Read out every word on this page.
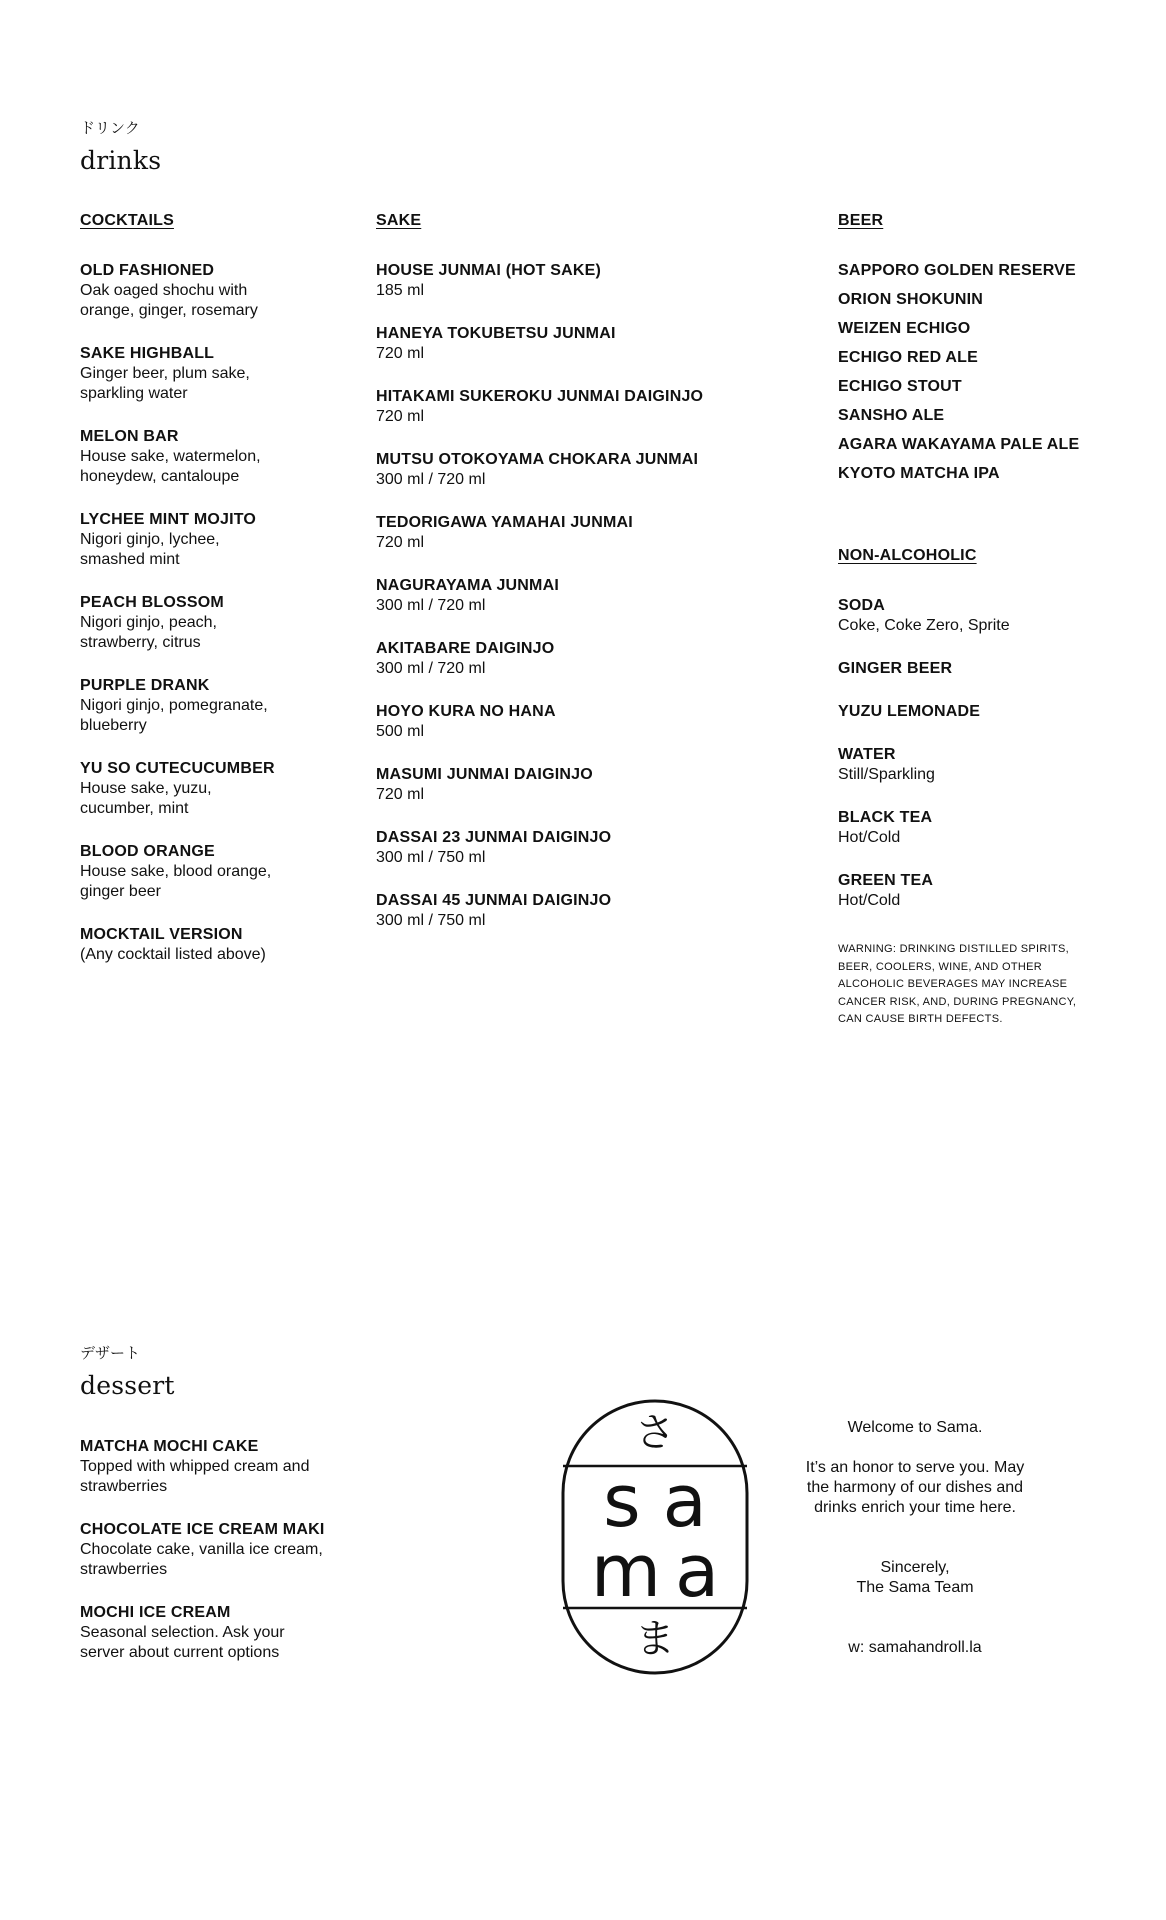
ドリンク
drinks
COCKTAILS
OLD FASHIONED
Oak oaged shochu with
orange, ginger, rosemary
SAKE HIGHBALL
Ginger beer, plum sake,
sparkling water
MELON BAR
House sake, watermelon,
honeydew, cantaloupe
LYCHEE MINT MOJITO
Nigori ginjo, lychee,
smashed mint
PEACH BLOSSOM
Nigori ginjo, peach,
strawberry, citrus
PURPLE DRANK
Nigori ginjo, pomegranate,
blueberry
YU SO CUTECUCUMBER
House sake, yuzu,
cucumber, mint
BLOOD ORANGE
House sake, blood orange,
ginger beer
MOCKTAIL VERSION
(Any cocktail listed above)
SAKE
HOUSE JUNMAI (HOT SAKE)
185 ml
HANEYA TOKUBETSU JUNMAI
720 ml
HITAKAMI SUKEROKU JUNMAI DAIGINJO
720 ml
MUTSU OTOKOYAMA CHOKARA JUNMAI
300 ml / 720 ml
TEDORIGAWA YAMAHAI JUNMAI
720 ml
NAGURAYAMA JUNMAI
300 ml / 720 ml
AKITABARE DAIGINJO
300 ml / 720 ml
HOYO KURA NO HANA
500 ml
MASUMI JUNMAI DAIGINJO
720 ml
DASSAI 23 JUNMAI DAIGINJO
300 ml / 750 ml
DASSAI 45 JUNMAI DAIGINJO
300 ml / 750 ml
BEER
SAPPORO GOLDEN RESERVE
ORION SHOKUNIN
WEIZEN ECHIGO
ECHIGO RED ALE
ECHIGO STOUT
SANSHO ALE
AGARA WAKAYAMA PALE ALE
KYOTO MATCHA IPA
NON-ALCOHOLIC
SODA
Coke, Coke Zero, Sprite
GINGER BEER
YUZU LEMONADE
WATER
Still/Sparkling
BLACK TEA
Hot/Cold
GREEN TEA
Hot/Cold
WARNING: DRINKING DISTILLED SPIRITS,
BEER, COOLERS, WINE, AND OTHER
ALCOHOLIC BEVERAGES MAY INCREASE
CANCER RISK, AND, DURING PREGNANCY,
CAN CAUSE BIRTH DEFECTS.
デザート
dessert
MATCHA MOCHI CAKE
Topped with whipped cream and
strawberries
CHOCOLATE ICE CREAM MAKI
Chocolate cake, vanilla ice cream,
strawberries
MOCHI ICE CREAM
Seasonal selection. Ask your
server about current options
さ
sa
ma
ま
Welcome to Sama.
It’s an honor to serve you. May
the harmony of our dishes and
drinks enrich your time here.
Sincerely,
The Sama Team
w: samahandroll.la
